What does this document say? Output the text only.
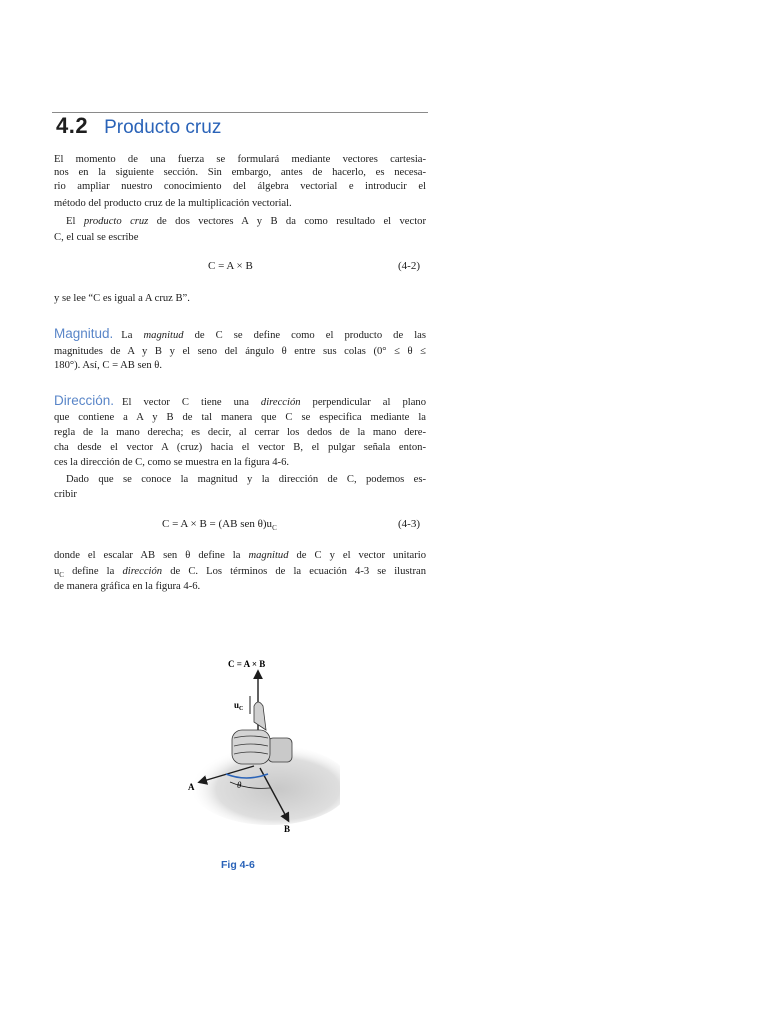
4.2 Producto cruz
El momento de una fuerza se formulará mediante vectores cartesia-
nos en la siguiente sección. Sin embargo, antes de hacerlo, es necesa-
rio ampliar nuestro conocimiento del álgebra vectorial e introducir el
método del producto cruz de la multiplicación vectorial.
El producto cruz de dos vectores A y B da como resultado el vector
C, el cual se escribe
C = A × B	(4-2)
y se lee “C es igual a A cruz B”.
Magnitud. La magnitud de C se define como el producto de las
magnitudes de A y B y el seno del ángulo θ entre sus colas (0° ≤ θ ≤
180°). Así, C = AB sen θ.
Dirección. El vector C tiene una dirección perpendicular al plano
que contiene a A y B de tal manera que C se especifica mediante la
regla de la mano derecha; es decir, al cerrar los dedos de la mano dere-
cha desde el vector A (cruz) hacia el vector B, el pulgar señala enton-
ces la dirección de C, como se muestra en la figura 4-6.
Dado que se conoce la magnitud y la dirección de C, podemos es-
cribir
C = A × B = (AB sen $\theta)u_C$	(4-3)
donde el escalar AB sen θ define la magnitud de C y el vector unitario
$u_C$ define la dirección de C. Los términos de la ecuación 4-3 se ilustran
de manera gráfica en la figura 4-6.
C = A × B
$u_C$
A
B
θ
Fig 4-6
